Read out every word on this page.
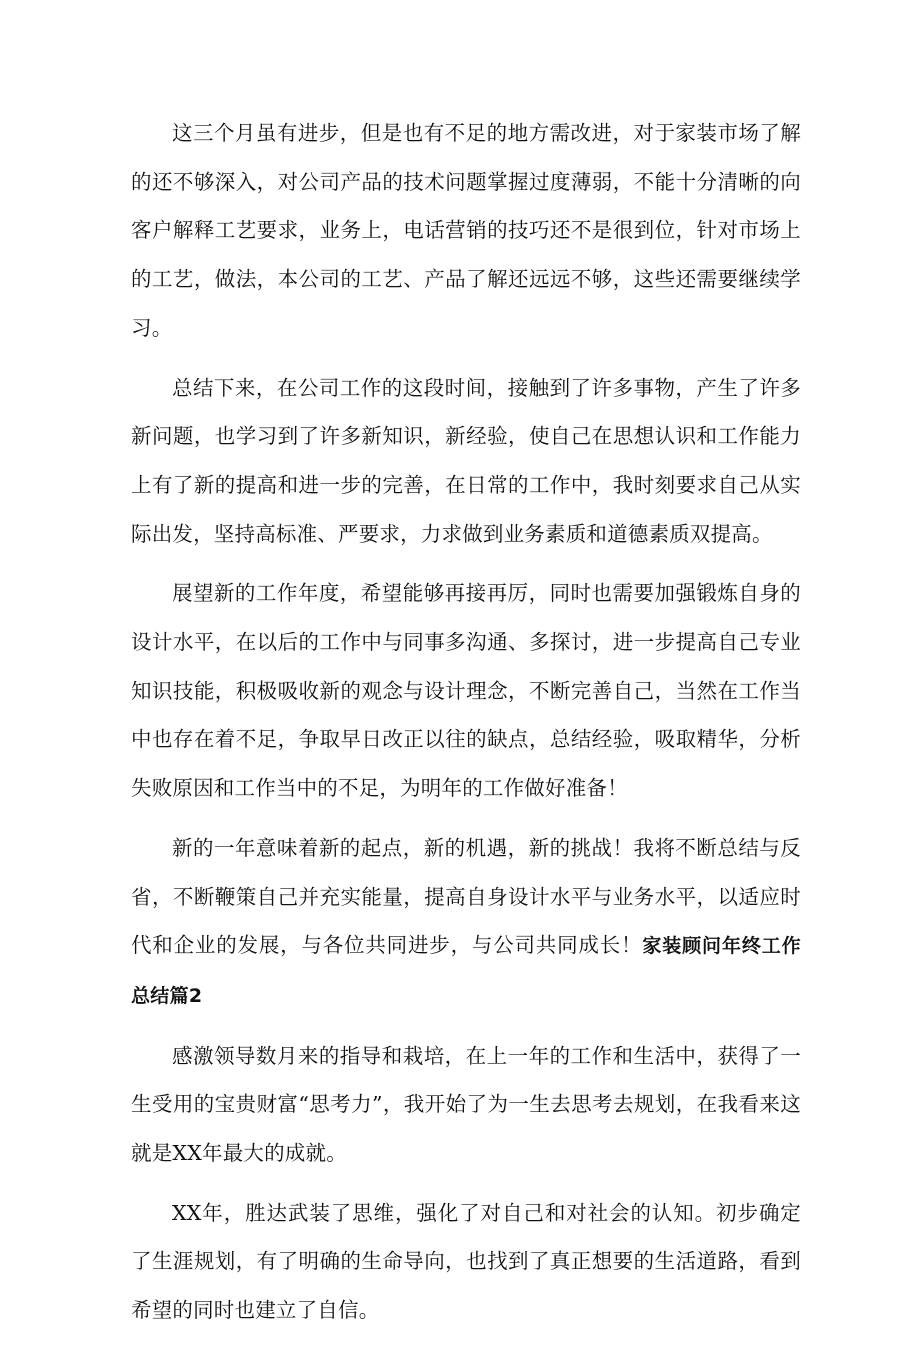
这三个月虽有进步，但是也有不足的地方需改进，对于家装市场了解的还不够深入，对公司产品的技术问题掌握过度薄弱，不能十分清晰的向客户解释工艺要求，业务上，电话营销的技巧还不是很到位，针对市场上的工艺，做法，本公司的工艺、产品了解还远远不够，这些还需要继续学习。

总结下来，在公司工作的这段时间，接触到了许多事物，产生了许多新问题，也学习到了许多新知识，新经验，使自己在思想认识和工作能力上有了新的提高和进一步的完善，在日常的工作中，我时刻要求自己从实际出发，坚持高标准、严要求，力求做到业务素质和道德素质双提高。

展望新的工作年度，希望能够再接再厉，同时也需要加强锻炼自身的设计水平，在以后的工作中与同事多沟通、多探讨，进一步提高自己专业知识技能，积极吸收新的观念与设计理念，不断完善自己，当然在工作当中也存在着不足，争取早日改正以往的缺点，总结经验，吸取精华，分析失败原因和工作当中的不足，为明年的工作做好准备！

新的一年意味着新的起点，新的机遇，新的挑战！我将不断总结与反省，不断鞭策自己并充实能量，提高自身设计水平与业务水平，以适应时代和企业的发展，与各位共同进步，与公司共同成长！家装顾问年终工作总结篇2

感激领导数月来的指导和栽培，在上一年的工作和生活中，获得了一生受用的宝贵财富“思考力”，我开始了为一生去思考去规划，在我看来这就是XX年最大的成就。

XX年，胜达武装了思维，强化了对自己和对社会的认知。初步确定了生涯规划，有了明确的生命导向，也找到了真正想要的生活道路，看到希望的同时也建立了自信。
